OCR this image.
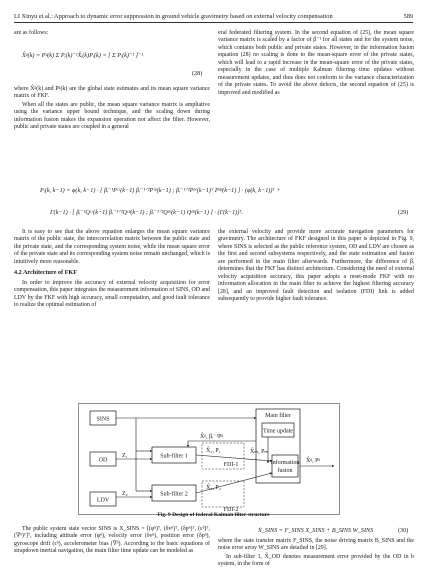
LI Xinyu et al.: Approach to dynamic error suppression in ground vehicle gravimetry based on external velocity compensation	589

are as follows:

X̂ᵍ(k) = Pᵍ(k) Σ Pᵢ(k)⁻¹X̂ᵢ(k)Pᵢ(k) = [ Σ Pᵢ(k)⁻¹ ]⁻¹
(28)

where X̂ᵍ(k) and Pᵍ(k) are the global state estimates and its mean square variance matrix of FKF.

When all the states are public, the mean square variance matrix is ampliative using the variance upper bound technique, and the scaling down during information fusion makes the expansion operation not affect the filter. However, public and private states are coupled in a general

eral federated filtering system. In the second equation of (25), the mean square variance matrix is scaled by a factor of β⁻¹ for all states and for the system noise, which contains both public and private states. However, in the information fusion equation (28) no scaling is done to the mean-square error of the private states, which will lead to a rapid increase in the mean-square error of the private states, especially in the case of multiple Kalman filtering time updates without measurement updates, and thus does not conform to the variance characterization of the private states. To avoid the above defects, the second equation of (25) is improved and modified as

Pᵢ(k, k−1) = φ(k, k−1) · [ βᵢ⁻¹Pᶜᶜ(k−1) βᵢ⁻¹ᐟ²Pᶜᵖ(k−1) ; βᵢ⁻¹ᐟ²Pᵖᶜ(k−1)ᵀ Pᵖᵖ(k−1) ] · (φ(k, k−1))ᵀ +
Γ(k−1) · [ βᵢ⁻¹Qᶜᶜ(k−1) βᵢ⁻¹ᐟ²Qᶜᵖ(k−1) ; βᵢ⁻¹ᐟ²Qᵖᶜ(k−1) Qᵖᵖ(k−1) ] · (Γ(k−1))ᵀ.	(29)

It is easy to see that the above equation enlarges the mean square variance matrix of the public state, the intercorrelation matrix between the public state and the private state, and the corresponding system noise, while the mean square error of the private state and its corresponding system noise remain unchanged, which is intuitively more reasonable.

4.2 Architecture of FKF

In order to improve the accuracy of external velocity acquisition for error compensation, this paper integrates the measurement information of SINS, OD and LDV by the FKF with high accuracy, small computation, and good fault tolerance to realize the optimal estimation of

the external velocity and provide more accurate navigation parameters for gravimetry. The architecture of FKF designed in this paper is depicted in Fig. 9, where SINS is selected as the public reference system, OD and LDV are chosen as the first and second subsystems respectively, and the state estimation and fusion are performed in the main filter afterwards. Furthermore, the difference of βᵢ determines that the FKF has distinct architecture. Considering the need of external velocity acquisition accuracy, this paper adopts a reset-mode FKF with no information allocation in the main filter to achieve the highest filtering accuracy [28], and an improved fault detection and isolation (FDI) link is added subsequently to provide higher fault tolerance.

SINS
OD
LDV
Sub-filter 1
Sub-filter 2
FDI-1
FDI-2
Main filter
Time update
Information
fusion
Z₁
Z₂
X̂ᵍ, βᵢ⁻¹Pᵍ
X̂₁, P₁
X̂₂, P₂
X̂ₘ, Pₘ
X̂ᵍ, Pᵍ
Fig. 9 Design of federal Kalman filter structure

The public system state vector SINS is X_SINS = [(φⁿ)ᵀ, (δvⁿ)ᵀ, (δpⁿ)ᵀ, (εᵇ)ᵀ, (∇ᵇ)ᵀ]ᵀ, including attitude error (φⁿ), velocity error (δvⁿ), position error (δpⁿ), gyroscope drift (εᵇ), accelerometer bias (∇ᵇ). According to the basic equations of strapdown inertial navigation, the main filter time update can be modeled as

Ẋ_SINS = F_SINS X_SINS + B_SINS W_SINS	(30)

where the state transfer matrix F_SINS, the noise driving matrix B_SINS and the noise error array W_SINS are detailed in [29].

In sub-filter 1, X̂_OD denotes measurement error provided by the OD in b system, in the form of
